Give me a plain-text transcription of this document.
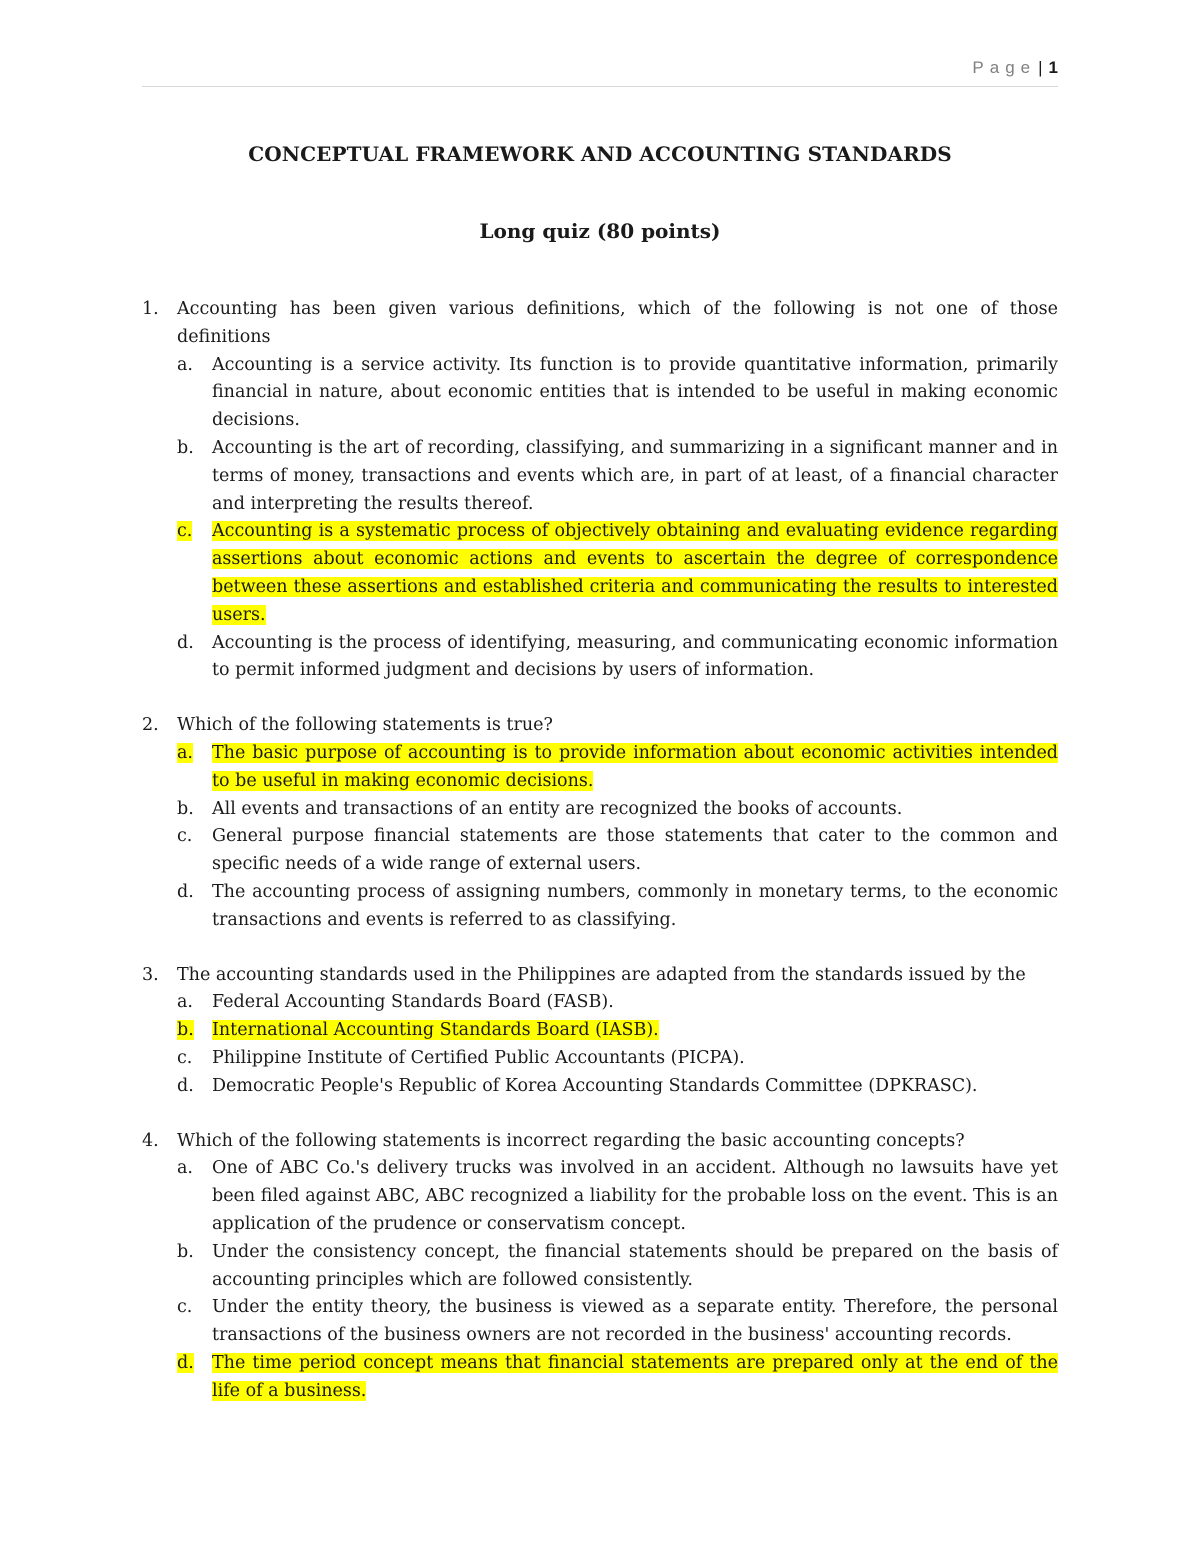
Page | 1
CONCEPTUAL FRAMEWORK AND ACCOUNTING STANDARDS
Long quiz (80 points)
1.	Accounting has been given various definitions, which of the following is not one of those definitions
a.	Accounting is a service activity. Its function is to provide quantitative information, primarily financial in nature, about economic entities that is intended to be useful in making economic decisions.
b.	Accounting is the art of recording, classifying, and summarizing in a significant manner and in terms of money, transactions and events which are, in part of at least, of a financial character and interpreting the results thereof.
c.	Accounting is a systematic process of objectively obtaining and evaluating evidence regarding assertions about economic actions and events to ascertain the degree of correspondence between these assertions and established criteria and communicating the results to interested users.
d.	Accounting is the process of identifying, measuring, and communicating economic information to permit informed judgment and decisions by users of information.
2.	Which of the following statements is true?
a.	The basic purpose of accounting is to provide information about economic activities intended to be useful in making economic decisions.
b.	All events and transactions of an entity are recognized the books of accounts.
c.	General purpose financial statements are those statements that cater to the common and specific needs of a wide range of external users.
d.	The accounting process of assigning numbers, commonly in monetary terms, to the economic transactions and events is referred to as classifying.
3.	The accounting standards used in the Philippines are adapted from the standards issued by the
a.	Federal Accounting Standards Board (FASB).
b.	International Accounting Standards Board (IASB).
c.	Philippine Institute of Certified Public Accountants (PICPA).
d.	Democratic People's Republic of Korea Accounting Standards Committee (DPKRASC).
4.	Which of the following statements is incorrect regarding the basic accounting concepts?
a.	One of ABC Co.'s delivery trucks was involved in an accident. Although no lawsuits have yet been filed against ABC, ABC recognized a liability for the probable loss on the event. This is an application of the prudence or conservatism concept.
b.	Under the consistency concept, the financial statements should be prepared on the basis of accounting principles which are followed consistently.
c.	Under the entity theory, the business is viewed as a separate entity. Therefore, the personal transactions of the business owners are not recorded in the business' accounting records.
d.	The time period concept means that financial statements are prepared only at the end of the life of a business.
